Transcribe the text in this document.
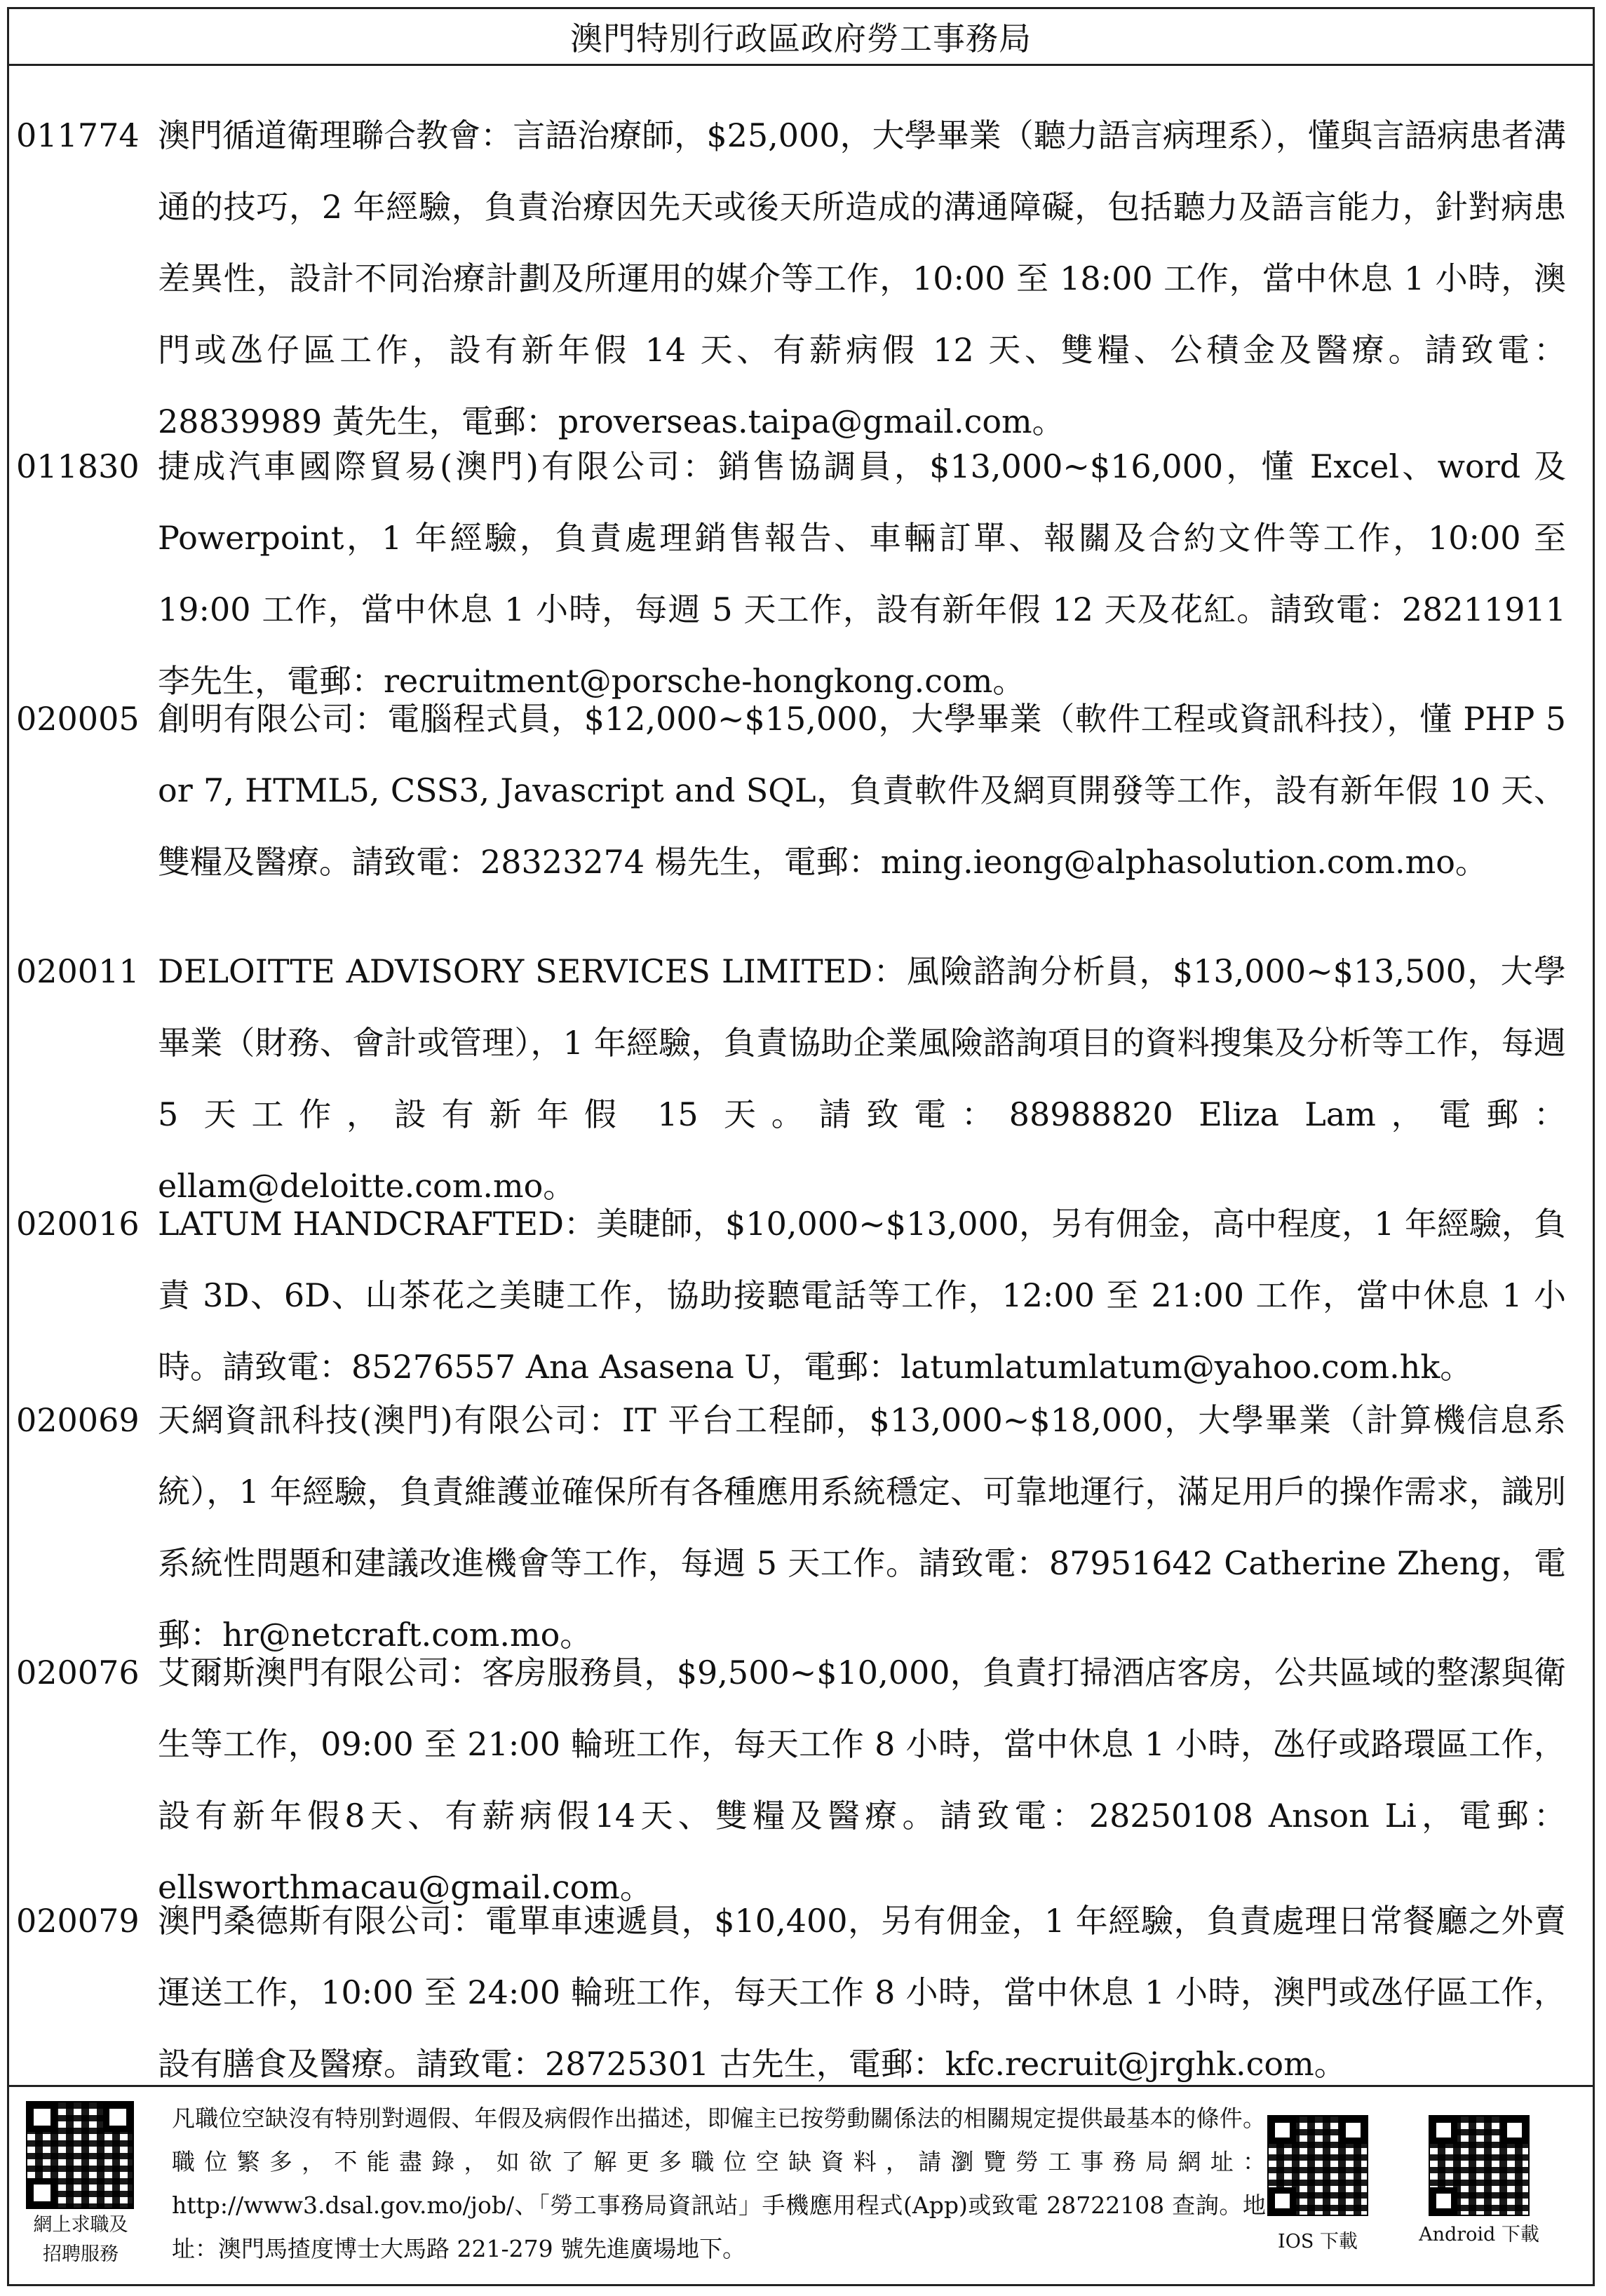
澳門特別行政區政府勞工事務局
011774 澳門循道衛理聯合教會：言語治療師，$25,000，大學畢業（聽力語言病理系），懂與言語病患者溝通的技巧，2 年經驗，負責治療因先天或後天所造成的溝通障礙，包括聽力及語言能力，針對病患差異性，設計不同治療計劃及所運用的媒介等工作，10:00 至 18:00 工作，當中休息 1 小時，澳門或氹仔區工作，設有新年假 14 天、有薪病假 12 天、雙糧、公積金及醫療。請致電：28839989 黃先生，電郵：proverseas.taipa@gmail.com。
011830 捷成汽車國際貿易(澳門)有限公司：銷售協調員，$13,000~$16,000，懂 Excel、word 及 Powerpoint，1 年經驗，負責處理銷售報告、車輛訂單、報關及合約文件等工作，10:00 至 19:00 工作，當中休息 1 小時，每週 5 天工作，設有新年假 12 天及花紅。請致電：28211911 李先生，電郵：recruitment@porsche-hongkong.com。
020005 創明有限公司：電腦程式員，$12,000~$15,000，大學畢業（軟件工程或資訊科技），懂 PHP 5 or 7, HTML5, CSS3, Javascript and SQL，負責軟件及網頁開發等工作，設有新年假 10 天、雙糧及醫療。請致電：28323274 楊先生，電郵：ming.ieong@alphasolution.com.mo。
020011 DELOITTE ADVISORY SERVICES LIMITED：風險諮詢分析員，$13,000~$13,500，大學畢業（財務、會計或管理），1 年經驗，負責協助企業風險諮詢項目的資料搜集及分析等工作，每週 5 天工作，設有新年假 15 天。請致電：88988820 Eliza Lam，電郵：ellam@deloitte.com.mo。
020016 LATUM HANDCRAFTED：美睫師，$10,000~$13,000，另有佣金，高中程度，1 年經驗，負責 3D、6D、山茶花之美睫工作，協助接聽電話等工作，12:00 至 21:00 工作，當中休息 1 小時。請致電：85276557 Ana Asasena U，電郵：latumlatumlatum@yahoo.com.hk。
020069 天網資訊科技(澳門)有限公司：IT 平台工程師，$13,000~$18,000，大學畢業（計算機信息系統），1 年經驗，負責維護並確保所有各種應用系統穩定、可靠地運行，滿足用戶的操作需求，識別系統性問題和建議改進機會等工作，每週 5 天工作。請致電：87951642 Catherine Zheng，電郵：hr@netcraft.com.mo。
020076 艾爾斯澳門有限公司：客房服務員，$9,500~$10,000，負責打掃酒店客房，公共區域的整潔與衛生等工作，09:00 至 21:00 輪班工作，每天工作 8 小時，當中休息 1 小時，氹仔或路環區工作，設有新年假8天、有薪病假14天、雙糧及醫療。請致電：28250108 Anson Li，電郵：ellsworthmacau@gmail.com。
020079 澳門桑德斯有限公司：電單車速遞員，$10,400，另有佣金，1 年經驗，負責處理日常餐廳之外賣運送工作，10:00 至 24:00 輪班工作，每天工作 8 小時，當中休息 1 小時，澳門或氹仔區工作，設有膳食及醫療。請致電：28725301 古先生，電郵：kfc.recruit@jrghk.com。
網上求職及
招聘服務
凡職位空缺沒有特別對週假、年假及病假作出描述，即僱主已按勞動關係法的相關規定提供最基本的條件。職位繁多，不能盡錄，如欲了解更多職位空缺資料，請瀏覽勞工事務局網址：http://www3.dsal.gov.mo/job/、「勞工事務局資訊站」手機應用程式(App)或致電 28722108 查詢。地址：澳門馬揸度博士大馬路 221-279 號先進廣場地下。	IOS 下載	Android 下載
